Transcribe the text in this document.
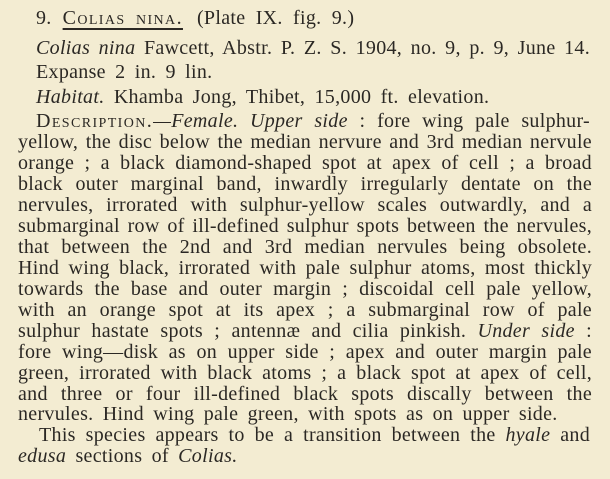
9. Colias nina. (Plate IX. fig. 9.)
Colias nina Fawcett, Abstr. P. Z. S. 1904, no. 9, p. 9, June 14.
Expanse 2 in. 9 lin.
Habitat. Khamba Jong, Thibet, 15,000 ft. elevation.
Description.—Female. Upper side : fore wing pale sulphur-
yellow, the disc below the median nervure and 3rd median nervule
orange ; a black diamond-shaped spot at apex of cell ; a broad
black outer marginal band, inwardly irregularly dentate on the
nervules, irrorated with sulphur-yellow scales outwardly, and a
submarginal row of ill-defined sulphur spots between the nervules,
that between the 2nd and 3rd median nervules being obsolete.
Hind wing black, irrorated with pale sulphur atoms, most thickly
towards the base and outer margin ; discoidal cell pale yellow,
with an orange spot at its apex ; a submarginal row of pale
sulphur hastate spots ; antennæ and cilia pinkish. Under side :
fore wing—disk as on upper side ; apex and outer margin pale
green, irrorated with black atoms ; a black spot at apex of cell,
and three or four ill-defined black spots discally between the
nervules. Hind wing pale green, with spots as on upper side.
This species appears to be a transition between the hyale and
edusa sections of Colias.
